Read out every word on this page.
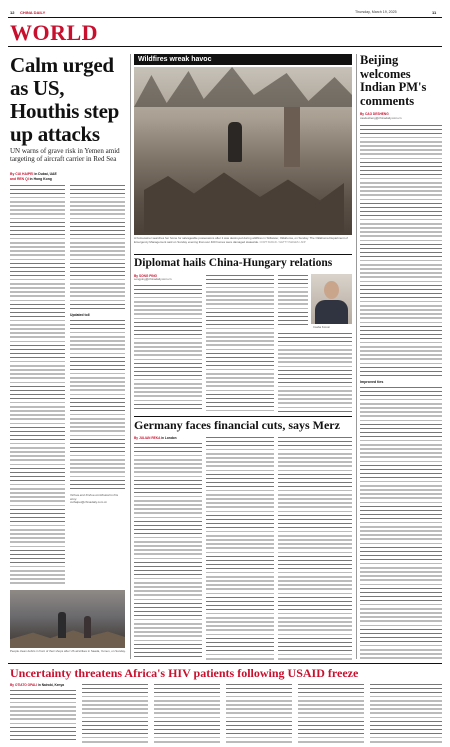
12 CHINA DAILY	Thursday, March 19, 2025	11
WORLD
Calm urged as US, Houthis step up attacks
UN warns of grave risk in Yemen amid targeting of aircraft carrier in Red Sea
By CUI HAIPEI in Dubai, UAE
and REN QI in Hong Kong
Updated toll
Xinhua and Xinhua contributed to this story.
cuihaipei@chinadaily.com.cn
People clean debris in front of their shops after US airstrikes in Saada, Yemen, on Sunday.
Wildfires wreak havoc
A homeowner searches her home for salvageable possessions after it was destroyed during wildfires in Stillwater, Oklahoma, on Sunday. The Oklahoma Department of Emergency Management said on Sunday evening that over 400 homes were damaged statewide. CORT SUDLIK / GETTY IMAGES / AFP
Diplomat hails China-Hungary relations
By SONG PING
songping@chinadaily.com.cn
Csaba Korosi
Germany faces financial cuts, says Merz
By JULIAN REKA in London
Beijing welcomes Indian PM's comments
By CAO DESHENG
caodesheng@chinadaily.com.cn
Improved ties
Uncertainty threatens Africa's HIV patients following USAID freeze
By OTIATO OPALI in Nairobi, Kenya
